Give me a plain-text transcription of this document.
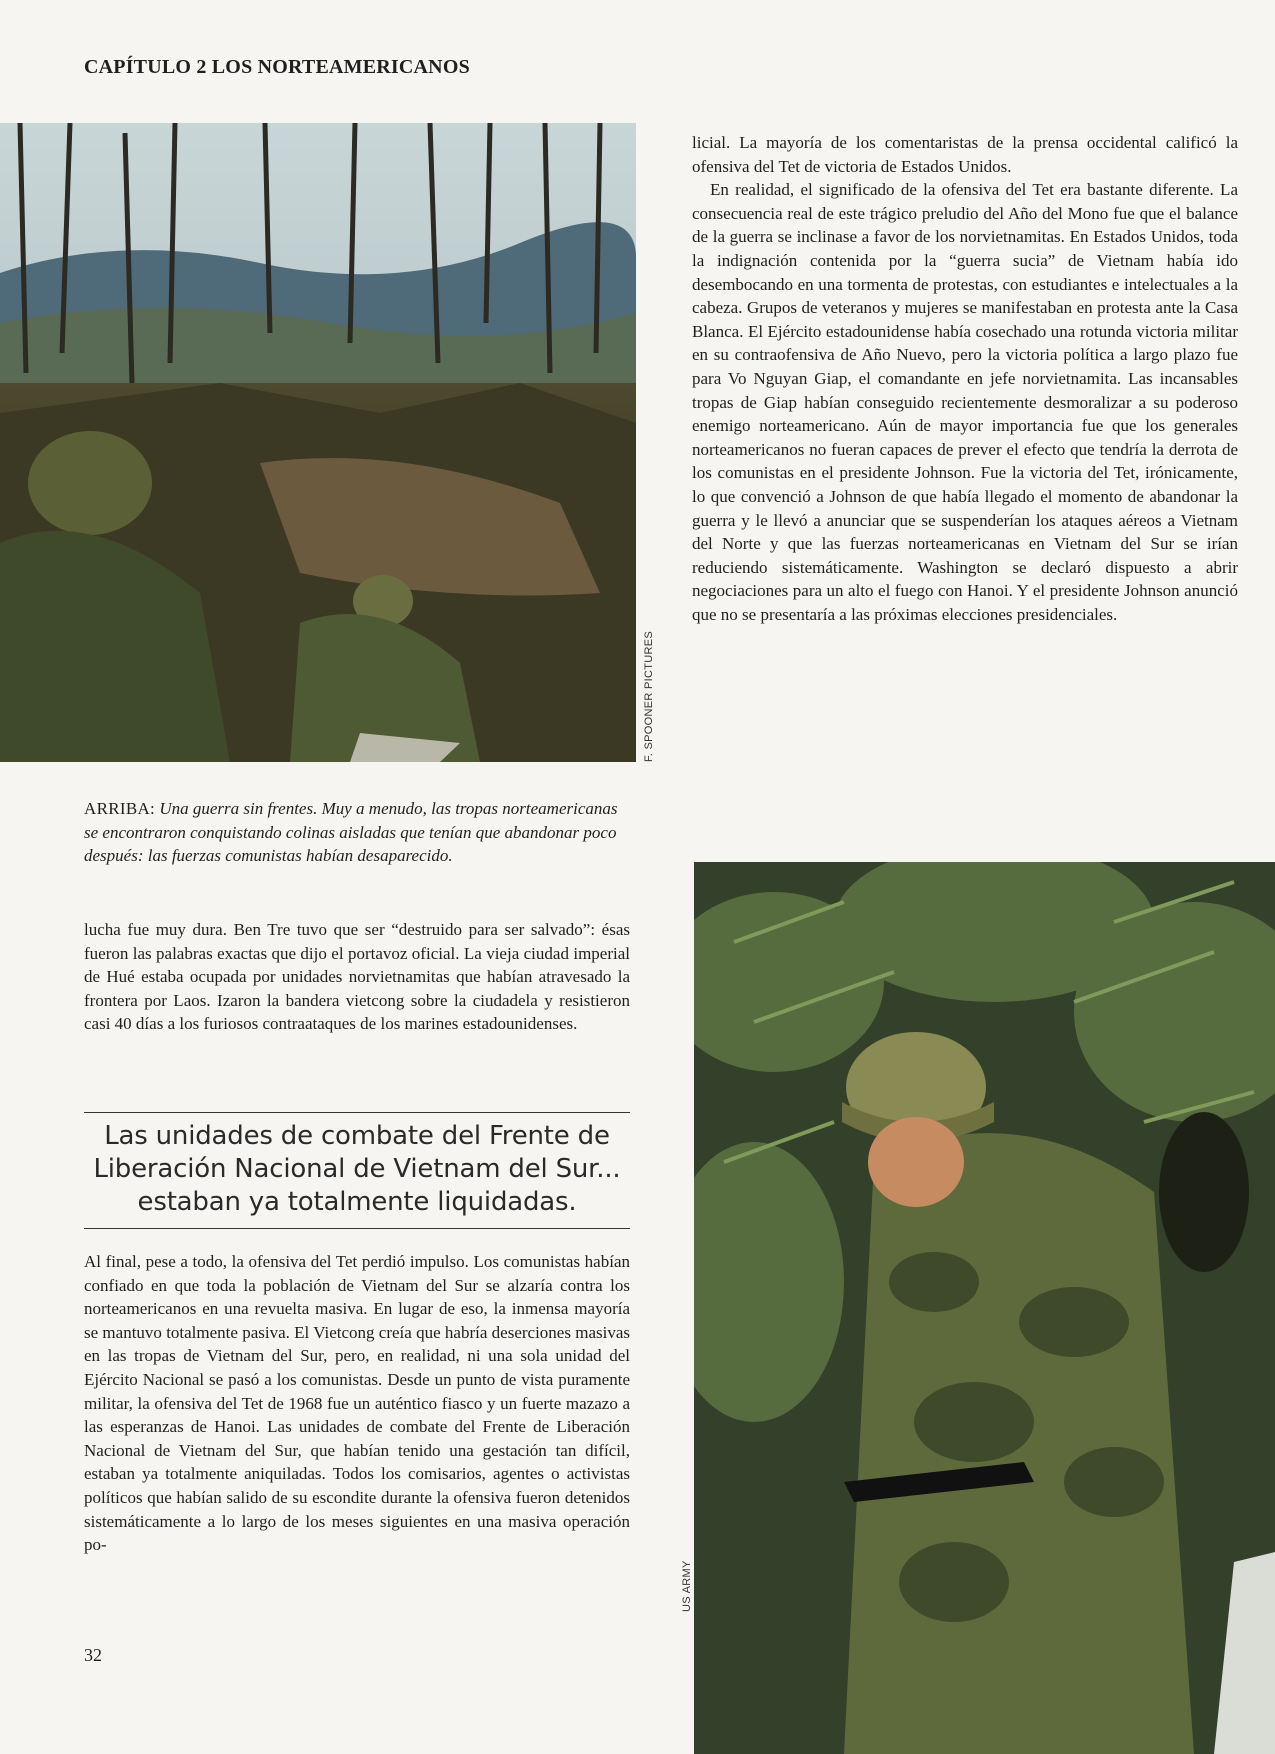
CAPÍTULO 2 LOS NORTEAMERICANOS
F. SPOONER PICTURES

ARRIBA: Una guerra sin frentes. Muy a menudo, las tropas norteamericanas se encontraron conquistando colinas aisladas que tenían que abandonar poco después: las fuerzas comunistas habían desaparecido.

lucha fue muy dura. Ben Tre tuvo que ser “destruido para ser salvado”: ésas fueron las palabras exactas que dijo el portavoz oficial. La vieja ciudad imperial de Hué estaba ocupada por unidades norvietnamitas que habían atravesado la frontera por Laos. Izaron la bandera vietcong sobre la ciudadela y resistieron casi 40 días a los furiosos contraataques de los marines estadounidenses.

Las unidades de combate del Frente de Liberación Nacional de Vietnam del Sur... estaban ya totalmente liquidadas.

Al final, pese a todo, la ofensiva del Tet perdió impulso. Los comunistas habían confiado en que toda la población de Vietnam del Sur se alzaría contra los norteamericanos en una revuelta masiva. En lugar de eso, la inmensa mayoría se mantuvo totalmente pasiva. El Vietcong creía que habría deserciones masivas en las tropas de Vietnam del Sur, pero, en realidad, ni una sola unidad del Ejército Nacional se pasó a los comunistas. Desde un punto de vista puramente militar, la ofensiva del Tet de 1968 fue un auténtico fiasco y un fuerte mazazo a las esperanzas de Hanoi. Las unidades de combate del Frente de Liberación Nacional de Vietnam del Sur, que habían tenido una gestación tan difícil, estaban ya totalmente aniquiladas. Todos los comisarios, agentes o activistas políticos que habían salido de su escondite durante la ofensiva fueron detenidos sistemáticamente a lo largo de los meses siguientes en una masiva operación po-

licial. La mayoría de los comentaristas de la prensa occidental calificó la ofensiva del Tet de victoria de Estados Unidos.

En realidad, el significado de la ofensiva del Tet era bastante diferente. La consecuencia real de este trágico preludio del Año del Mono fue que el balance de la guerra se inclinase a favor de los norvietnamitas. En Estados Unidos, toda la indignación contenida por la “guerra sucia” de Vietnam había ido desembocando en una tormenta de protestas, con estudiantes e intelectuales a la cabeza. Grupos de veteranos y mujeres se manifestaban en protesta ante la Casa Blanca. El Ejército estadounidense había cosechado una rotunda victoria militar en su contraofensiva de Año Nuevo, pero la victoria política a largo plazo fue para Vo Nguyan Giap, el comandante en jefe norvietnamita. Las incansables tropas de Giap habían conseguido recientemente desmoralizar a su poderoso enemigo norteamericano. Aún de mayor importancia fue que los generales norteamericanos no fueran capaces de prever el efecto que tendría la derrota de los comunistas en el presidente Johnson. Fue la victoria del Tet, irónicamente, lo que convenció a Johnson de que había llegado el momento de abandonar la guerra y le llevó a anunciar que se suspenderían los ataques aéreos a Vietnam del Norte y que las fuerzas norteamericanas en Vietnam del Sur se irían reduciendo sistemáticamente. Washington se declaró dispuesto a abrir negociaciones para un alto el fuego con Hanoi. Y el presidente Johnson anunció que no se presentaría a las próximas elecciones presidenciales.

US ARMY

32
